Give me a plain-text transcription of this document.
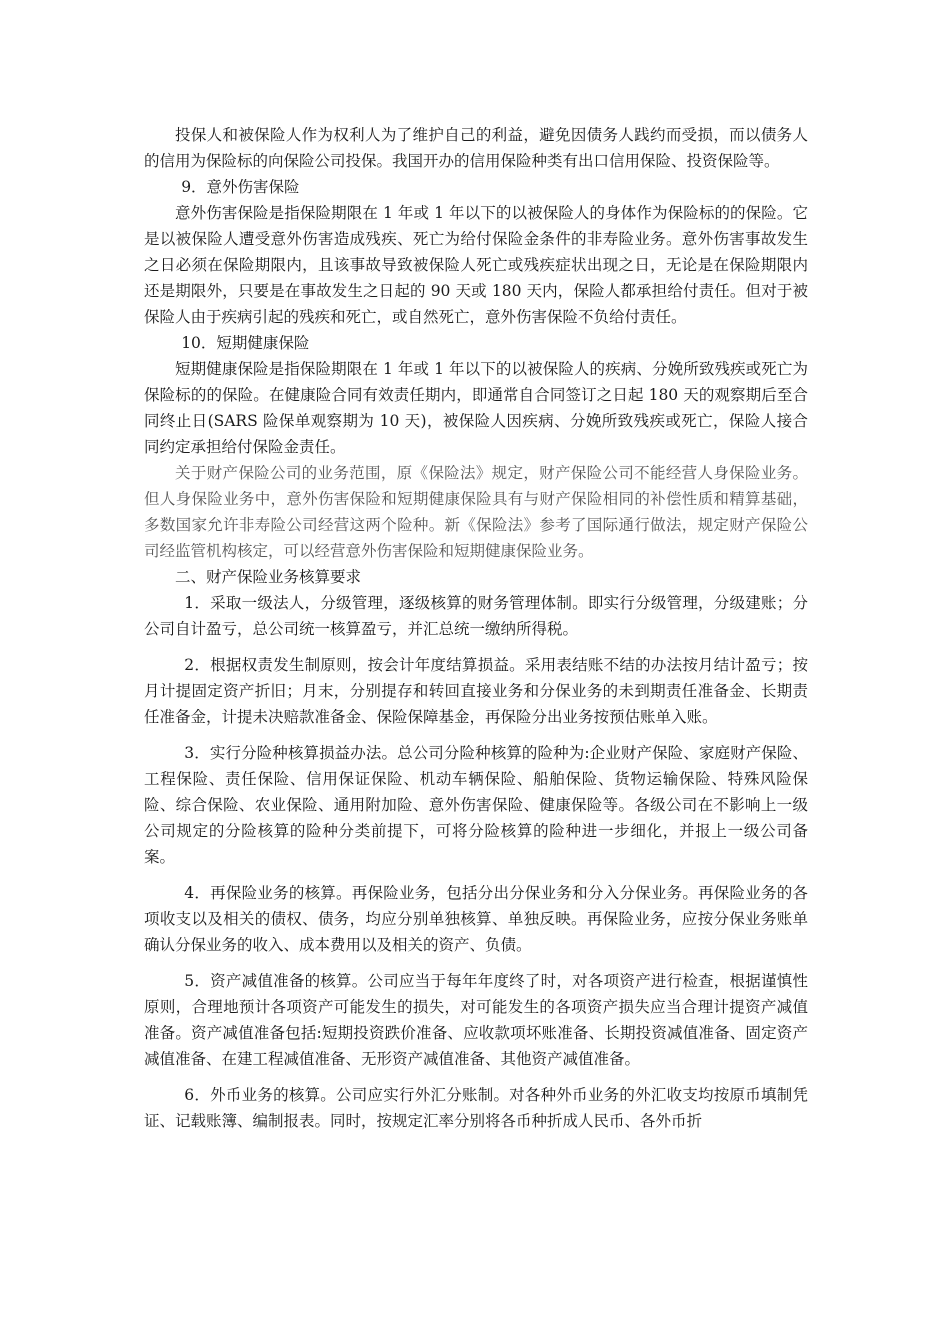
投保人和被保险人作为权利人为了维护自己的利益，避免因债务人践约而受损，而以债务人的信用为保险标的向保险公司投保。我国开办的信用保险种类有出口信用保险、投资保险等。

9．意外伤害保险

意外伤害保险是指保险期限在 1 年或 1 年以下的以被保险人的身体作为保险标的的保险。它是以被保险人遭受意外伤害造成残疾、死亡为给付保险金条件的非寿险业务。意外伤害事故发生之日必须在保险期限内，且该事故导致被保险人死亡或残疾症状出现之日，无论是在保险期限内还是期限外，只要是在事故发生之日起的 90 天或 180 天内，保险人都承担给付责任。但对于被保险人由于疾病引起的残疾和死亡，或自然死亡，意外伤害保险不负给付责任。

10．短期健康保险

短期健康保险是指保险期限在 1 年或 1 年以下的以被保险人的疾病、分娩所致残疾或死亡为保险标的的保险。在健康险合同有效责任期内，即通常自合同签订之日起 180 天的观察期后至合同终止日(SARS 险保单观察期为 10 天)，被保险人因疾病、分娩所致残疾或死亡，保险人接合同约定承担给付保险金责任。

关于财产保险公司的业务范围，原《保险法》规定，财产保险公司不能经营人身保险业务。但人身保险业务中，意外伤害保险和短期健康保险具有与财产保险相同的补偿性质和精算基础，多数国家允许非寿险公司经营这两个险种。新《保险法》参考了国际通行做法，规定财产保险公司经监管机构核定，可以经营意外伤害保险和短期健康保险业务。

二、财产保险业务核算要求

1．采取一级法人，分级管理，逐级核算的财务管理体制。即实行分级管理，分级建账；分公司自计盈亏，总公司统一核算盈亏，并汇总统一缴纳所得税。

2．根据权责发生制原则，按会计年度结算损益。采用表结账不结的办法按月结计盈亏；按月计提固定资产折旧；月末，分别提存和转回直接业务和分保业务的未到期责任准备金、长期责任准备金，计提未决赔款准备金、保险保障基金，再保险分出业务按预估账单入账。

3．实行分险种核算损益办法。总公司分险种核算的险种为:企业财产保险、家庭财产保险、工程保险、责任保险、信用保证保险、机动车辆保险、船舶保险、货物运输保险、特殊风险保险、综合保险、农业保险、通用附加险、意外伤害保险、健康保险等。各级公司在不影响上一级公司规定的分险核算的险种分类前提下，可将分险核算的险种进一步细化，并报上一级公司备案。

4．再保险业务的核算。再保险业务，包括分出分保业务和分入分保业务。再保险业务的各项收支以及相关的债权、债务，均应分别单独核算、单独反映。再保险业务，应按分保业务账单确认分保业务的收入、成本费用以及相关的资产、负债。

5．资产减值准备的核算。公司应当于每年年度终了时，对各项资产进行检查，根据谨慎性原则，合理地预计各项资产可能发生的损失，对可能发生的各项资产损失应当合理计提资产减值准备。资产减值准备包括:短期投资跌价准备、应收款项坏账准备、长期投资减值准备、固定资产减值准备、在建工程减值准备、无形资产减值准备、其他资产减值准备。

6．外币业务的核算。公司应实行外汇分账制。对各种外币业务的外汇收支均按原币填制凭证、记载账簿、编制报表。同时，按规定汇率分别将各币种折成人民币、各外币折
